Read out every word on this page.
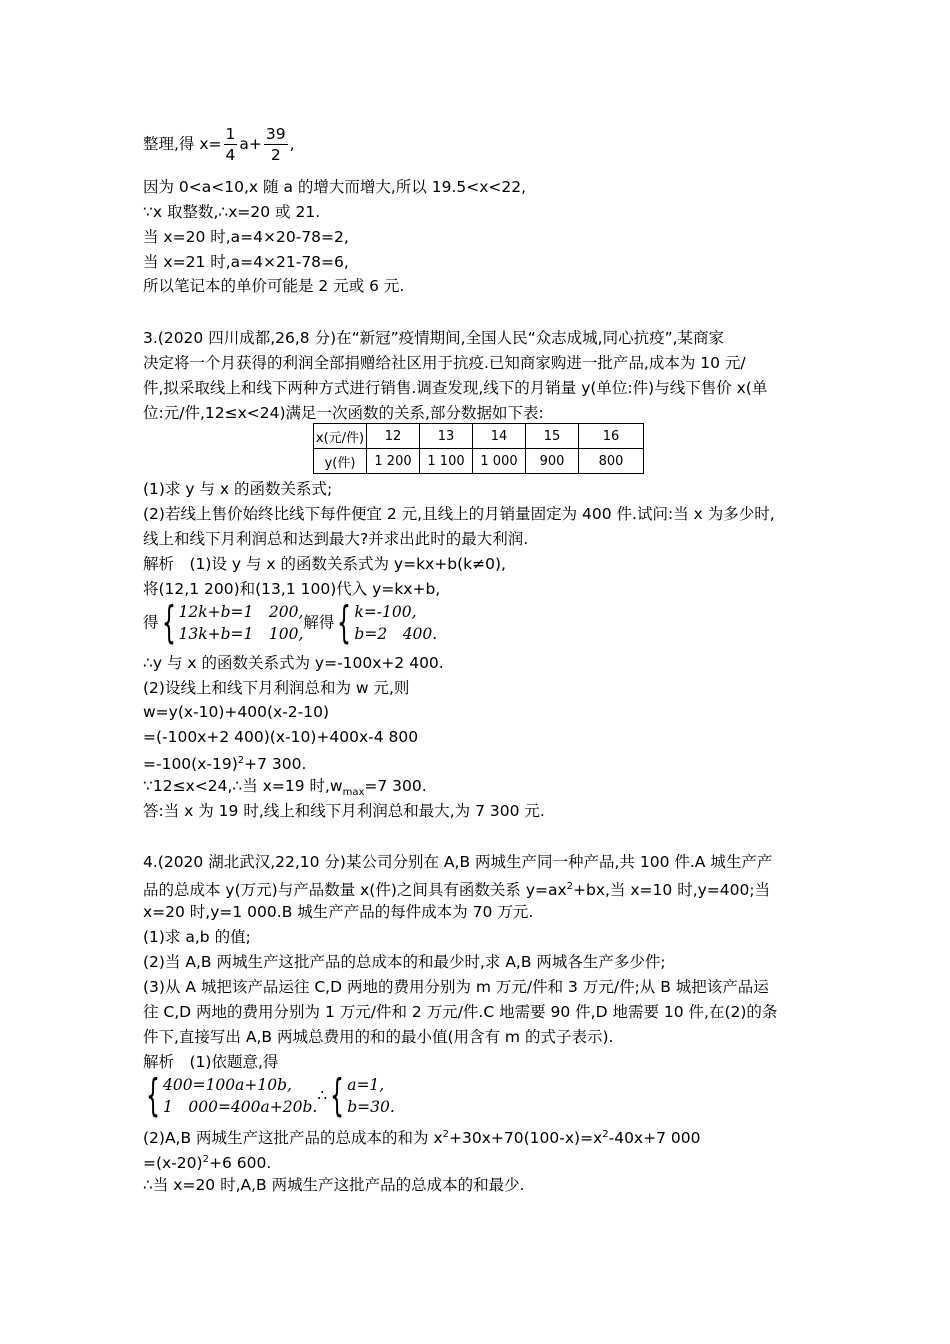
整理,得 $x= \frac{1}{4} a+ \frac{39}{2}$ ,
因为 0<a<10,x 随 a 的增大而增大,所以 19.5<x<22,
∵x 取整数,∴x=20 或 21.
当 x=20 时,a=4×20-78=2,
当 x=21 时,a=4×21-78=6,
所以笔记本的单价可能是 2 元或 6 元.
3.(2020 四川成都,26,8 分)在“新冠”疫情期间,全国人民“众志成城,同心抗疫”,某商家
决定将一个月获得的利润全部捐赠给社区用于抗疫.已知商家购进一批产品,成本为 10 元/
件,拟采取线上和线下两种方式进行销售.调查发现,线下的月销量 y(单位:件)与线下售价 x(单
位:元/件,12≤x<24)满足一次函数的关系,部分数据如下表:
x(元/件)	12	13	14	15	16
y(件)	1 200	1 100	1 000	900	800
(1)求 y 与 x 的函数关系式;
(2)若线上售价始终比线下每件便宜 2 元,且线上的月销量固定为 400 件.试问:当 x 为多少时,
线上和线下月利润总和达到最大?并求出此时的最大利润.
解析　(1)设 y 与 x 的函数关系式为 y=kx+b(k≠0),
将(12,1 200)和(13,1 100)代入 y=kx+b,
得{ 12k+b=1　200,
13k+b=1　100,
解得{ k=-100,
b=2　400.
∴y 与 x 的函数关系式为 y=-100x+2 400.
(2)设线上和线下月利润总和为 w 元,则
w=y(x-10)+400(x-2-10)
=(-100x+2 400)(x-10)+400x-4 800
$=-100(x-19)^2+7$ 300.
∵12≤x<24,∴当 x=19 时$,w_{max}=7$ 300.
答:当 x 为 19 时,线上和线下月利润总和最大,为 7 300 元.
4.(2020 湖北武汉,22,10 分)某公司分别在 A,B 两城生产同一种产品,共 100 件.A 城生产产
品的总成本 y(万元)与产品数量 x(件)之间具有函数关系 $y=ax^2+bx$,当 x=10 时,y=400;当
x=20 时,y=1 000.B 城生产产品的每件成本为 70 万元.
(1)求 a,b 的值;
(2)当 A,B 两城生产这批产品的总成本的和最少时,求 A,B 两城各生产多少件;
(3)从 A 城把该产品运往 C,D 两地的费用分别为 m 万元/件和 3 万元/件;从 B 城把该产品运
往 C,D 两地的费用分别为 1 万元/件和 2 万元/件.C 地需要 90 件,D 地需要 10 件,在(2)的条
件下,直接写出 A,B 两城总费用的和的最小值(用含有 m 的式子表示).
解析　(1)依题意,得
{ 400=100a+10b,
1　000=400a+20b.
∴{ a=1,
b=30.
(2)A,B 两城生产这批产品的总成本的和为 $x^2+30x+70(100-x)=x^2-40x+7$ 000
$=(x-20)^2+6$ 600.
∴当 x=20 时,A,B 两城生产这批产品的总成本的和最少.
